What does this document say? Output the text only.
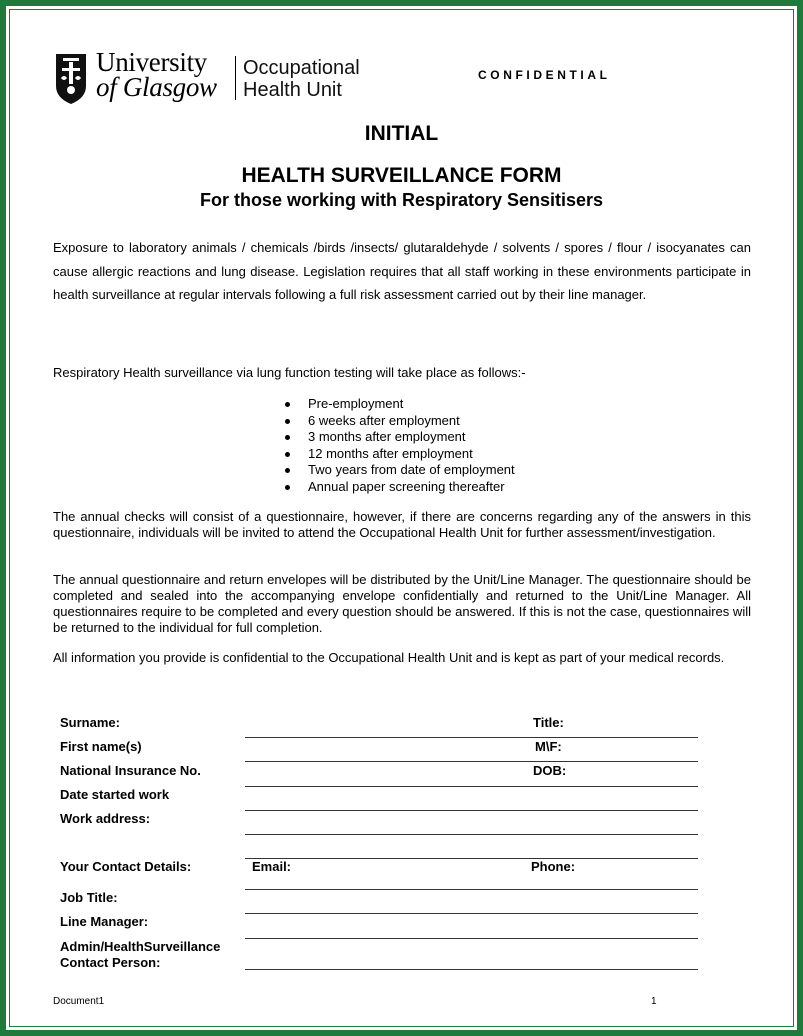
University
of Glasgow
Occupational
Health Unit
CONFIDENTIAL
INITIAL
HEALTH SURVEILLANCE FORM
For those working with Respiratory Sensitisers
Exposure to laboratory animals / chemicals /birds /insects/ glutaraldehyde / solvents / spores / flour / isocyanates can cause allergic reactions and lung disease. Legislation requires that all staff working in these environments participate in health surveillance at regular intervals following a full risk assessment carried out by their line manager.
Respiratory Health surveillance via lung function testing will take place as follows:-
Pre-employment
6 weeks after employment
3 months after employment
12 months after employment
Two years from date of employment
Annual paper screening thereafter
The annual checks will consist of a questionnaire, however, if there are concerns regarding any of the answers in this questionnaire, individuals will be invited to attend the Occupational Health Unit for further assessment/investigation.
The annual questionnaire and return envelopes will be distributed by the Unit/Line Manager. The questionnaire should be completed and sealed into the accompanying envelope confidentially and returned to the Unit/Line Manager. All questionnaires require to be completed and every question should be answered. If this is not the case, questionnaires will be returned to the individual for full completion.
All information you provide is confidential to the Occupational Health Unit and is kept as part of your medical records.
Surname:	Title:
First name(s)	M\F:
National Insurance No.	DOB:
Date started work
Work address:
Your Contact Details:	Email:	Phone:
Job Title:
Line Manager:
Admin/HealthSurveillance
Contact Person:
Document1	1
